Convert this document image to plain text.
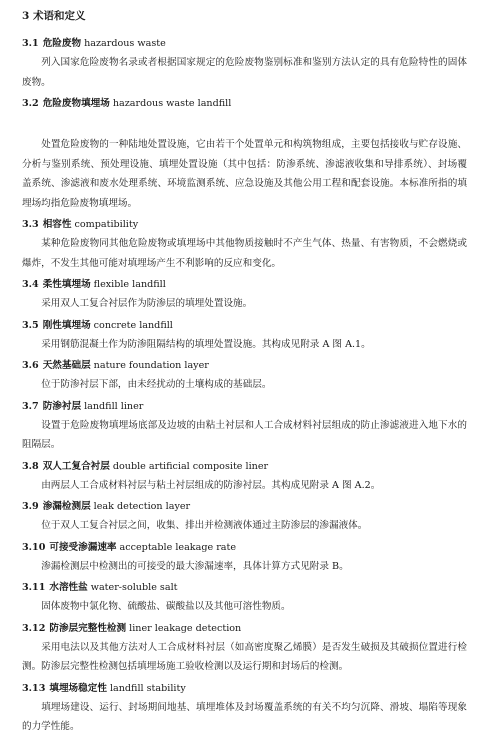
3 术语和定义
3.1 危险废物 hazardous waste

列入国家危险废物名录或者根据国家规定的危险废物鉴别标准和鉴别方法认定的具有危险特性的固体废物。

3.2 危险废物填埋场 hazardous waste landfill

处置危险废物的一种陆地处置设施，它由若干个处置单元和构筑物组成，主要包括接收与贮存设施、分析与鉴别系统、预处理设施、填埋处置设施（其中包括：防渗系统、渗滤液收集和导排系统）、封场覆盖系统、渗滤液和废水处理系统、环境监测系统、应急设施及其他公用工程和配套设施。本标准所指的填埋场均指危险废物填埋场。

3.3 相容性 compatibility

某种危险废物同其他危险废物或填埋场中其他物质接触时不产生气体、热量、有害物质，不会燃烧或爆炸，不发生其他可能对填埋场产生不利影响的反应和变化。

3.4 柔性填埋场 flexible landfill

采用双人工复合衬层作为防渗层的填埋处置设施。

3.5 刚性填埋场 concrete landfill

采用钢筋混凝土作为防渗阻隔结构的填埋处置设施。其构成见附录 A 图 A.1。

3.6 天然基础层 nature foundation layer

位于防渗衬层下部，由未经扰动的土壤构成的基础层。

3.7 防渗衬层 landfill liner

设置于危险废物填埋场底部及边坡的由粘土衬层和人工合成材料衬层组成的防止渗滤液进入地下水的阻隔层。

3.8 双人工复合衬层 double artificial composite liner

由两层人工合成材料衬层与粘土衬层组成的防渗衬层。其构成见附录 A 图 A.2。

3.9 渗漏检测层 leak detection layer

位于双人工复合衬层之间，收集、排出并检测液体通过主防渗层的渗漏液体。

3.10 可接受渗漏速率 acceptable leakage rate

渗漏检测层中检测出的可接受的最大渗漏速率，具体计算方式见附录 B。

3.11 水溶性盐 water-soluble salt

固体废物中氯化物、硫酸盐、碳酸盐以及其他可溶性物质。

3.12 防渗层完整性检测 liner leakage detection

采用电法以及其他方法对人工合成材料衬层（如高密度聚乙烯膜）是否发生破损及其破损位置进行检测。防渗层完整性检测包括填埋场施工验收检测以及运行期和封场后的检测。

3.13 填埋场稳定性 landfill stability

填埋场建设、运行、封场期间地基、填埋堆体及封场覆盖系统的有关不均匀沉降、滑坡、塌陷等现象的力学性能。
